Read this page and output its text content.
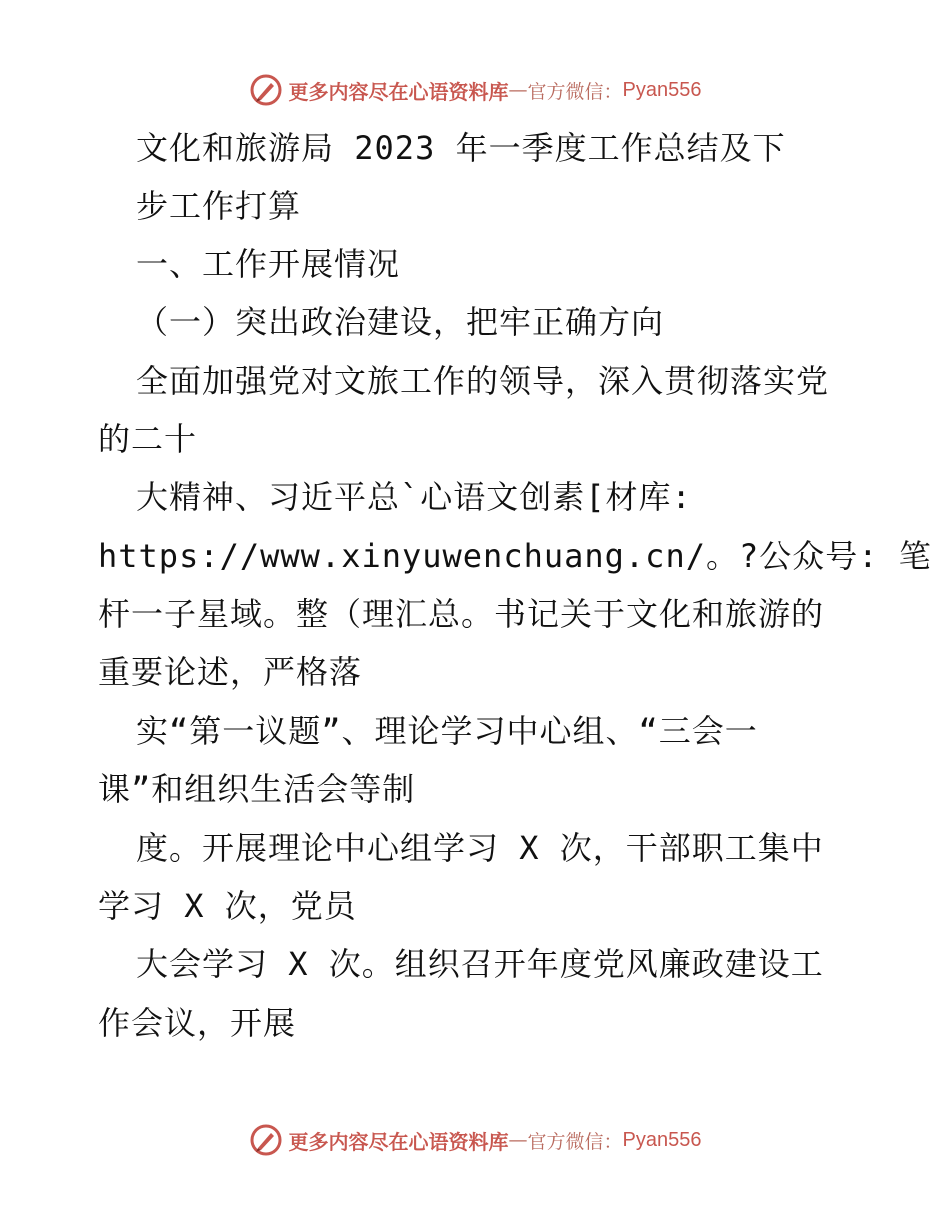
更多内容尽在心语资料库 — 官方微信： Pyan556
文化和旅游局 2023 年一季度工作总结及下
步工作打算
一、工作开展情况
（一）突出政治建设，把牢正确方向
全面加强党对文旅工作的领导，深入贯彻落实党
的二十
大精神、习近平总`心语文创素[材库:
https://www.xinyuwenchuang.cn/。?公众号: 笔
杆一子星域。整（理汇总。书记关于文化和旅游的
重要论述，严格落
实“第一议题”、理论学习中心组、“三会一
课”和组织生活会等制
度。开展理论中心组学习 X 次，干部职工集中
学习 X 次，党员
大会学习 X 次。组织召开年度党风廉政建设工
作会议，开展
更多内容尽在心语资料库 — 官方微信： Pyan556
